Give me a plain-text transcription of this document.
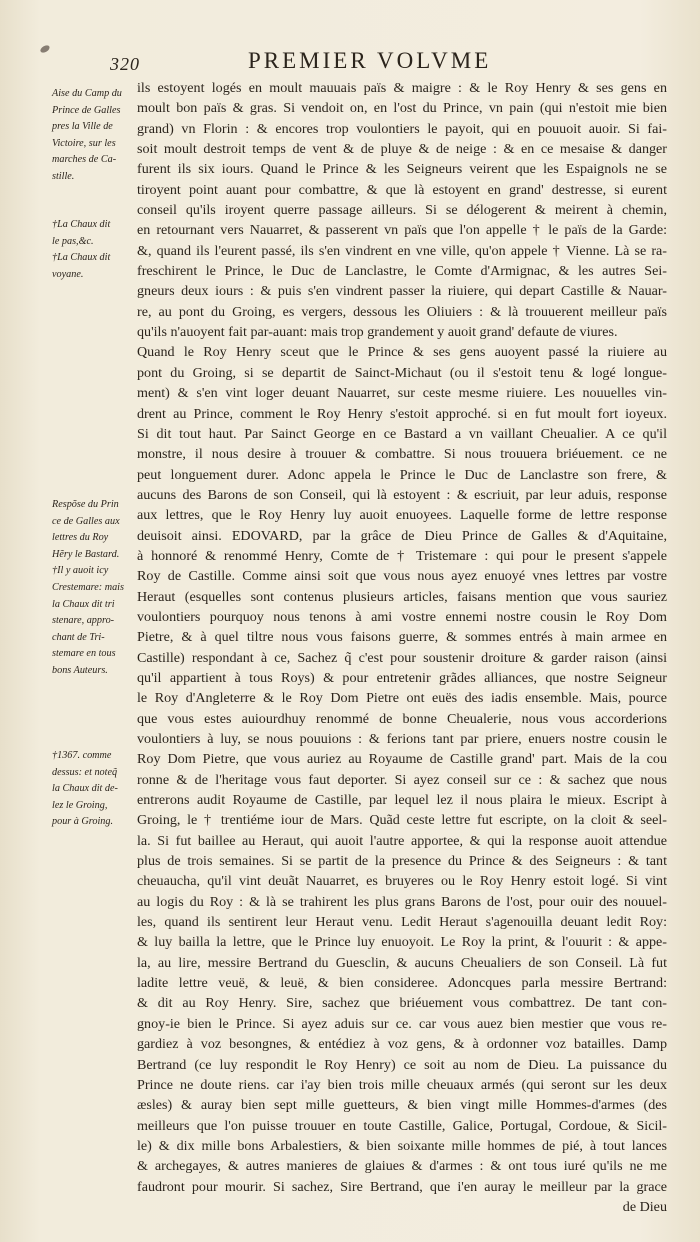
320	PREMIER VOLVME
Aise du Camp du
Prince de Galles
pres la Ville de
Victoire, sur les
marches de Ca-
stille.
†La Chaux dit
le pas,&c.
†La Chaux dit
voyane.
Respõse du Prin
ce de Galles aux
lettres du Roy
Hẽry le Bastard.
†Il y auoit icy
Crestemare: mais
la Chaux dit tri
stenare, appro-
chant de Tri-
stemare en tous
bons Auteurs.
†1367. comme
dessus: et noteq̃
la Chaux dit de-
lez le Groing,
pour à Groing.
ils estoyent logés en moult mauuais païs & maigre : & le Roy Henry & ses gens en
moult bon païs & gras. Si vendoit on, en l'ost du Prince, vn pain (qui n'estoit mie bien
grand) vn Florin : & encores trop voulontiers le payoit, qui en pouuoit auoir. Si fai-
soit moult destroit temps de vent & de pluye & de neige : & en ce mesaise & danger
furent ils six iours. Quand le Prince & les Seigneurs veirent que les Espaignols ne se
tiroyent point auant pour combattre, & que là estoyent en grand' destresse, si eurent
conseil qu'ils iroyent querre passage ailleurs. Si se délogerent & meirent à chemin,
en retournant vers Nauarret, & passerent vn païs que l'on appelle † le païs de la Garde:
&, quand ils l'eurent passé, ils s'en vindrent en vne ville, qu'on appele † Vienne. Là se ra-
freschirent le Prince, le Duc de Lanclastre, le Comte d'Armignac, & les autres Sei-
gneurs deux iours : & puis s'en vindrent passer la riuiere, qui depart Castille & Nauar-
re, au pont du Groing, es vergers, dessous les Oliuiers : & là trouuerent meilleur païs
qu'ils n'auoyent fait par-auant: mais trop grandement y auoit grand' defaute de viures.
Quand le Roy Henry sceut que le Prince & ses gens auoyent passé la riuiere au
pont du Groing, si se departit de Sainct-Michaut (ou il s'estoit tenu & logé longue-
ment) & s'en vint loger deuant Nauarret, sur ceste mesme riuiere. Les nouuelles vin-
drent au Prince, comment le Roy Henry s'estoit approché. si en fut moult fort ioyeux.
Si dit tout haut. Par Sainct George en ce Bastard a vn vaillant Cheualier. A ce qu'il
monstre, il nous desire à trouuer & combattre. Si nous trouuera briéuement. ce ne
peut longuement durer. Adonc appela le Prince le Duc de Lanclastre son frere, &
aucuns des Barons de son Conseil, qui là estoyent : & escriuit, par leur aduis, response
aux lettres, que le Roy Henry luy auoit enuoyees. Laquelle forme de lettre response
deuisoit ainsi. EDOVARD, par la grâce de Dieu Prince de Galles & d'Aquitaine,
à honnoré & renommé Henry, Comte de † Tristemare : qui pour le present s'appele
Roy de Castille. Comme ainsi soit que vous nous ayez enuoyé vnes lettres par vostre
Heraut (esquelles sont contenus plusieurs articles, faisans mention que vous sauriez
voulontiers pourquoy nous tenons à ami vostre ennemi nostre cousin le Roy Dom
Pietre, & à quel tiltre nous vous faisons guerre, & sommes entrés à main armee en
Castille) respondant à ce, Sachez q̃ c'est pour soustenir droiture & garder raison (ainsi
qu'il appartient à tous Roys) & pour entretenir grãdes alliances, que nostre Seigneur
le Roy d'Angleterre & le Roy Dom Pietre ont euës des iadis ensemble. Mais, pource
que vous estes auiourdhuy renommé de bonne Cheualerie, nous vous accorderions
voulontiers à luy, se nous pouuions : & ferions tant par priere, enuers nostre cousin le
Roy Dom Pietre, que vous auriez au Royaume de Castille grand' part. Mais de la cou
ronne & de l'heritage vous faut deporter. Si ayez conseil sur ce : & sachez que nous
entrerons audit Royaume de Castille, par lequel lez il nous plaira le mieux. Escript à
Groing, le † trentiéme iour de Mars. Quãd ceste lettre fut escripte, on la cloit & seel-
la. Si fut baillee au Heraut, qui auoit l'autre apportee, & qui la response auoit attendue
plus de trois semaines. Si se partit de la presence du Prince & des Seigneurs : & tant
cheuaucha, qu'il vint deuãt Nauarret, es bruyeres ou le Roy Henry estoit logé. Si vint
au logis du Roy : & là se trahirent les plus grans Barons de l'ost, pour ouir des nouuel-
les, quand ils sentirent leur Heraut venu. Ledit Heraut s'agenouilla deuant ledit Roy:
& luy bailla la lettre, que le Prince luy enuoyoit. Le Roy la print, & l'ouurit : & appe-
la, au lire, messire Bertrand du Guesclin, & aucuns Cheualiers de son Conseil. Là fut
ladite lettre veuë, & leuë, & bien consideree. Adoncques parla messire Bertrand:
& dit au Roy Henry. Sire, sachez que briéuement vous combattrez. De tant con-
gnoy-ie bien le Prince. Si ayez aduis sur ce. car vous auez bien mestier que vous re-
gardiez à voz besongnes, & entédiez à voz gens, & à ordonner voz batailles. Damp
Bertrand (ce luy respondit le Roy Henry) ce soit au nom de Dieu. La puissance du
Prince ne doute riens. car i'ay bien trois mille cheuaux armés (qui seront sur les deux
æsles) & auray bien sept mille guetteurs, & bien vingt mille Hommes-d'armes (des
meilleurs que l'on puisse trouuer en toute Castille, Galice, Portugal, Cordoue, & Sicil-
le) & dix mille bons Arbalestiers, & bien soixante mille hommes de pié, à tout lances
& archegayes, & autres manieres de glaiues & d'armes : & ont tous iuré qu'ils ne me
faudront pour mourir. Si sachez, Sire Bertrand, que i'en auray le meilleur par la grace
de Dieu
